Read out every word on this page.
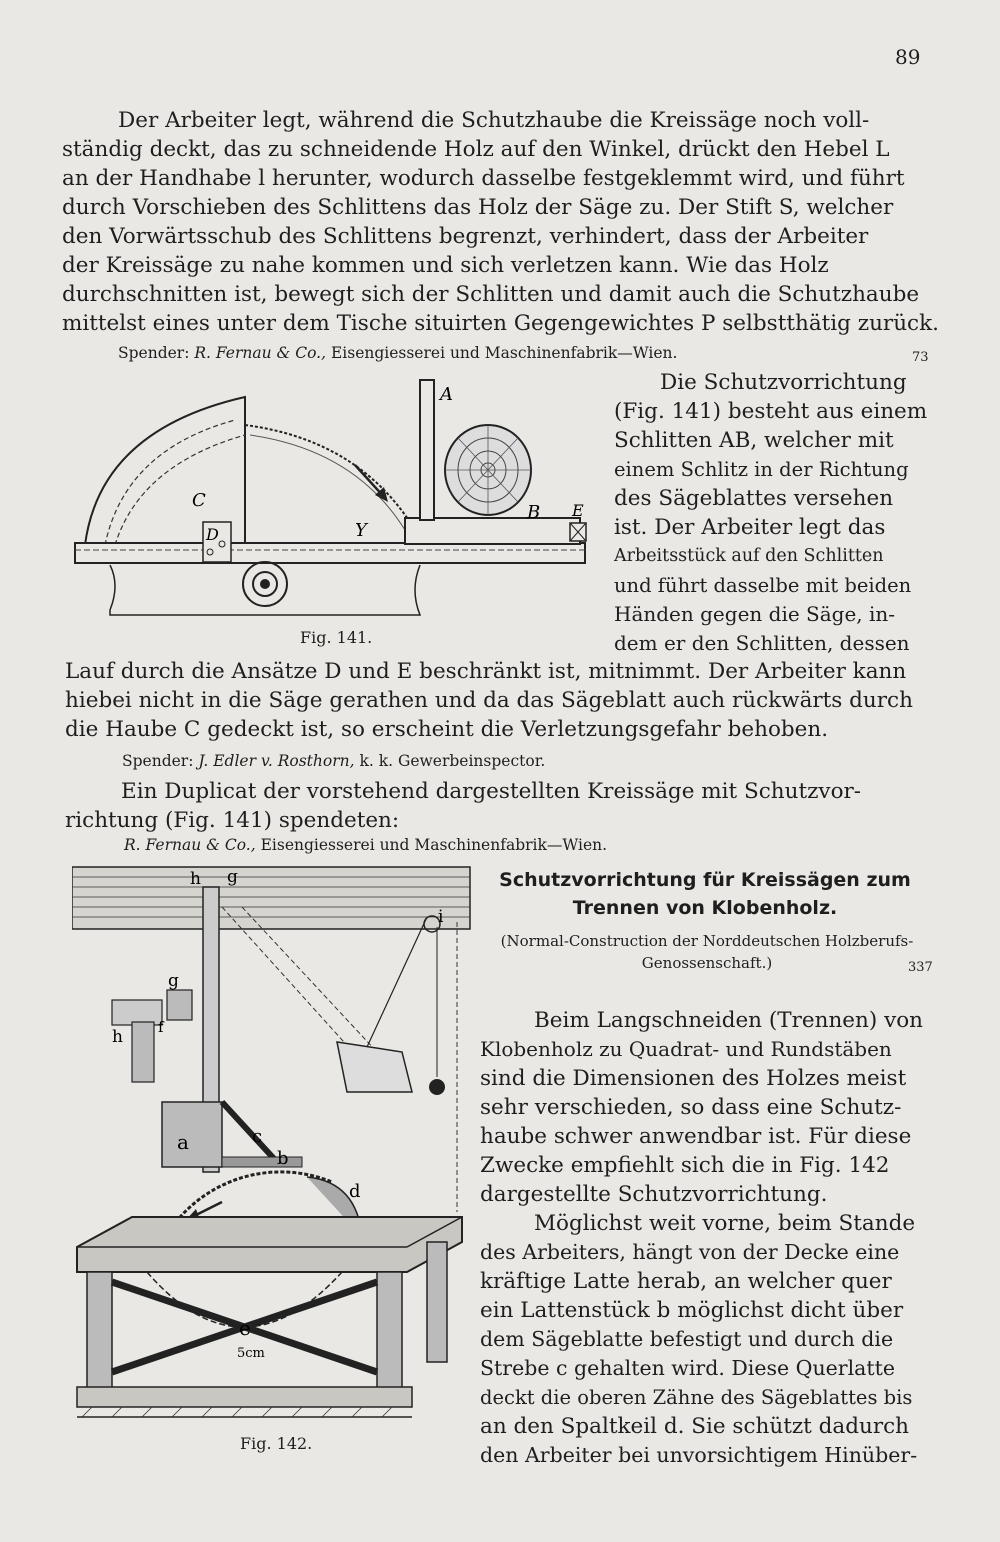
89
Der Arbeiter legt, während die Schutzhaube die Kreissäge noch voll-
ständig deckt, das zu schneidende Holz auf den Winkel, drückt den Hebel L
an der Handhabe l herunter, wodurch dasselbe festgeklemmt wird, und führt
durch Vorschieben des Schlittens das Holz der Säge zu. Der Stift S, welcher
den Vorwärtsschub des Schlittens begrenzt, verhindert, dass der Arbeiter
der Kreissäge zu nahe kommen und sich verletzen kann. Wie das Holz
durchschnitten ist, bewegt sich der Schlitten und damit auch die Schutzhaube
mittelst eines unter dem Tische situirten Gegengewichtes P selbstthätig zurück.
Spender: R. Fernau & Co., Eisengiesserei und Maschinenfabrik—Wien.	73
A
B
C
D
E
Y
Fig. 141.
Die Schutzvorrichtung
(Fig. 141) besteht aus einem
Schlitten AB, welcher mit
einem Schlitz in der Richtung
des Sägeblattes versehen
ist. Der Arbeiter legt das
Arbeitsstück auf den Schlitten
und führt dasselbe mit beiden
Händen gegen die Säge, in-
dem er den Schlitten, dessen
Lauf durch die Ansätze D und E beschränkt ist, mitnimmt. Der Arbeiter kann
hiebei nicht in die Säge gerathen und da das Sägeblatt auch rückwärts durch
die Haube C gedeckt ist, so erscheint die Verletzungsgefahr behoben.
Spender: J. Edler v. Rosthorn, k. k. Gewerbeinspector.
Ein Duplicat der vorstehend dargestellten Kreissäge mit Schutzvor-
richtung (Fig. 141) spendeten:
R. Fernau & Co., Eisengiesserei und Maschinenfabrik—Wien.
Schutzvorrichtung für Kreissägen zum
Trennen von Klobenholz.
(Normal-Construction der Norddeutschen Holzberufs-
Genossenschaft.)	337
h g
i
g
f
h
a	c
b
d
e
5cm
Fig. 142.
Beim Langschneiden (Trennen) von
Klobenholz zu Quadrat- und Rundstäben
sind die Dimensionen des Holzes meist
sehr verschieden, so dass eine Schutz-
haube schwer anwendbar ist. Für diese
Zwecke empfiehlt sich die in Fig. 142
dargestellte Schutzvorrichtung.
Möglichst weit vorne, beim Stande
des Arbeiters, hängt von der Decke eine
kräftige Latte herab, an welcher quer
ein Lattenstück b möglichst dicht über
dem Sägeblatte befestigt und durch die
Strebe c gehalten wird. Diese Querlatte
deckt die oberen Zähne des Sägeblattes bis
an den Spaltkeil d. Sie schützt dadurch
den Arbeiter bei unvorsichtigem Hinüber-
